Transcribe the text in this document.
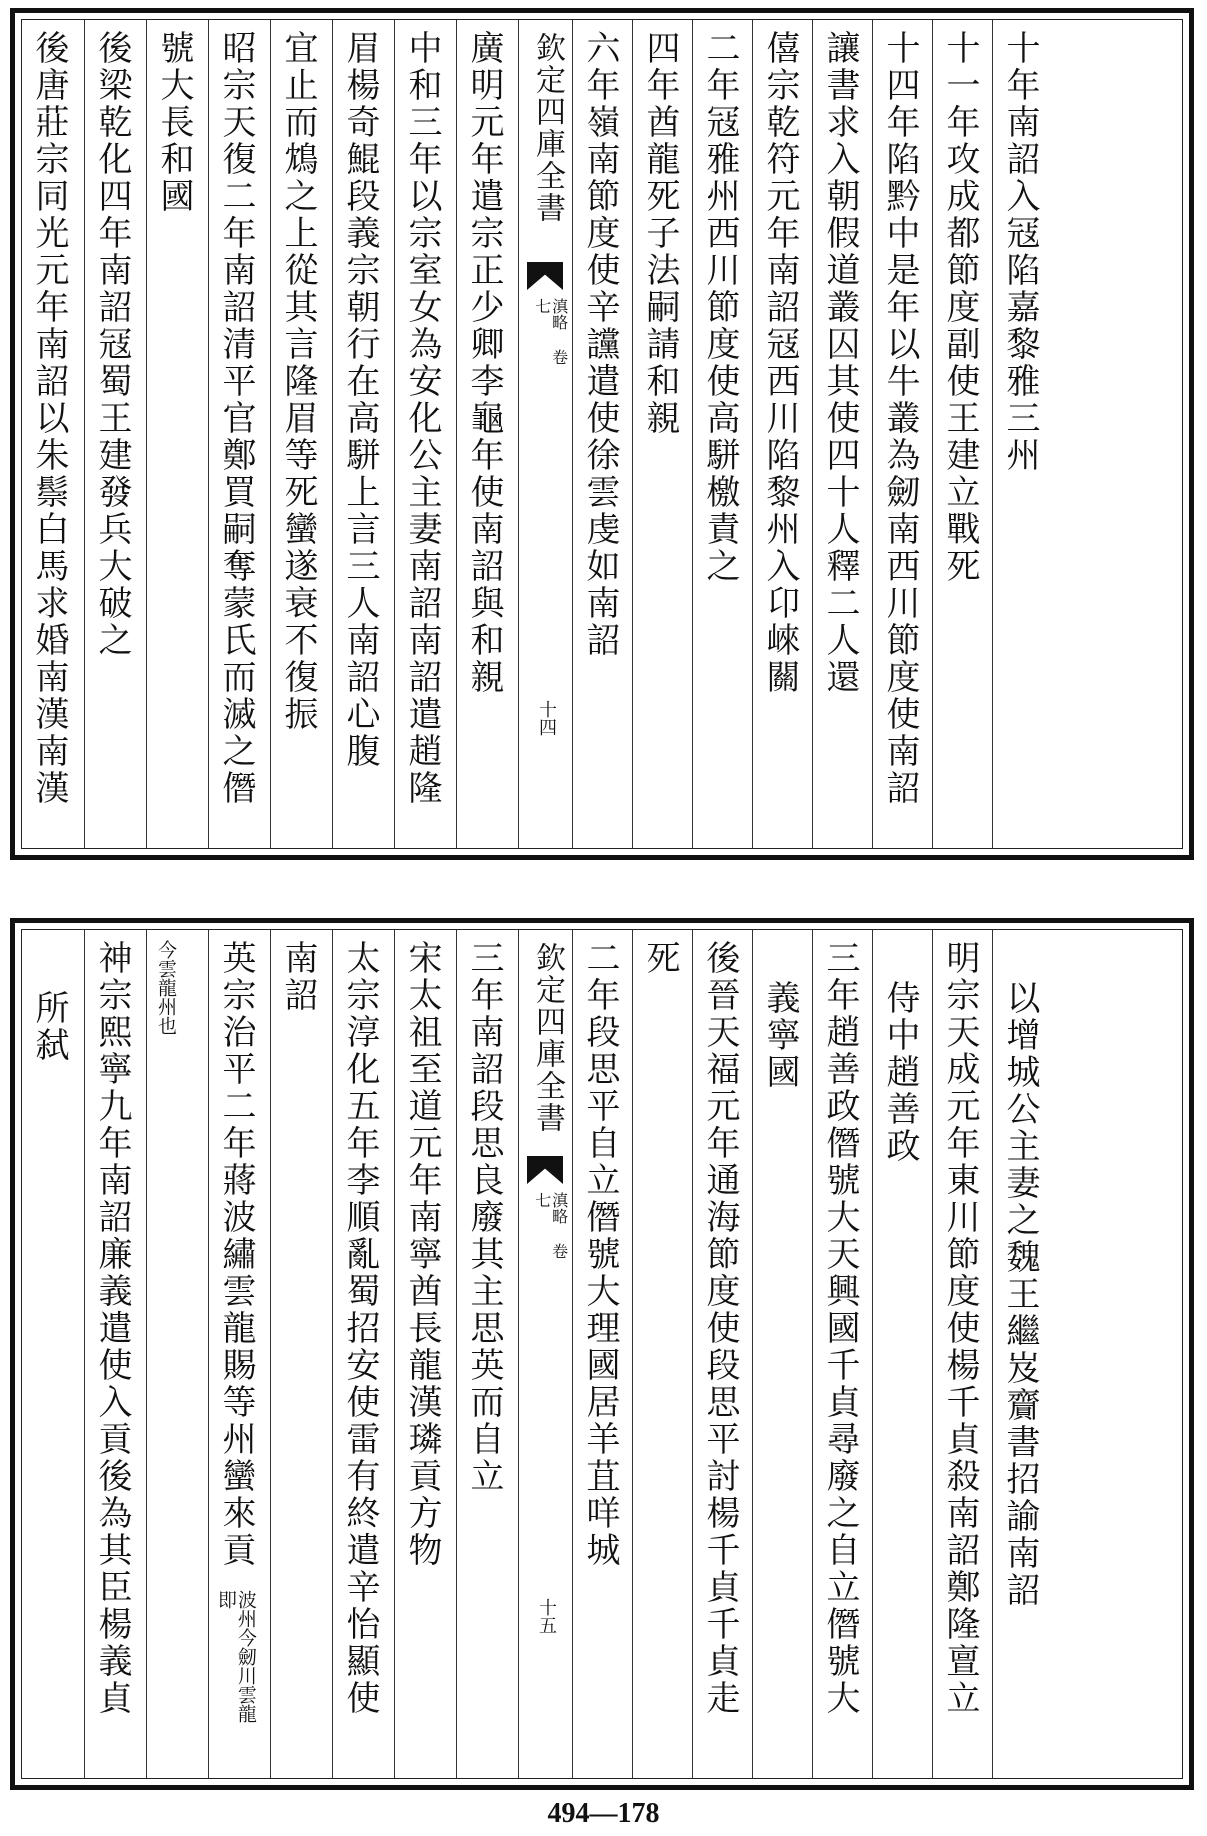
後唐莊宗同光元年南詔以朱鬃白馬求婚南漢南漢 後梁乾化四年南詔冦蜀王建發兵大破之 號大長和國 昭宗天復二年南詔清平官鄭買嗣奪蒙氏而滅之僭 宜止而鴆之上從其言隆眉等死蠻遂衰不復振 眉楊奇鯤段義宗朝行在高駢上言三人南詔心腹 中和三年以宗室女為安化公主妻南詔南詔遣趙隆 廣明元年遣宗正少卿李龜年使南詔與和親 欽定四庫全書
滇略 卷七
十四
六年嶺南節度使辛讜遣使徐雲虔如南詔 四年酋龍死子法嗣請和親 二年冦雅州西川節度使高駢檄責之 僖宗乾符元年南詔冦西川陷黎州入卬崍關 讓書求入朝假道叢囚其使四十人釋二人還 十四年陷黔中是年以牛叢為劒南西川節度使南詔 十一年攻成都節度副使王建立戰死 十年南詔入冦陷嘉黎雅三州
所弑 神宗熙寧九年南詔廉義遣使入貢後為其臣楊義貞 今雲龍州也 英宗治平二年蔣波繡雲龍賜等州蠻來貢
波州今劒川雲龍即
南詔 太宗淳化五年李順亂蜀招安使雷有終遣辛怡顯使 宋太祖至道元年南寧酋長龍漢璘貢方物 三年南詔段思良廢其主思英而自立 欽定四庫全書
滇略 卷七
十五
二年段思平自立僭號大理國居羊苴咩城 死 後晉天福元年通海節度使段思平討楊千貞千貞走 義寧國 三年趙善政僭號大天興國千貞尋廢之自立僭號大 侍中趙善政 明宗天成元年東川節度使楊千貞殺南詔鄭隆亶立 以增城公主妻之魏王繼岌齎書招諭南詔
494—178
